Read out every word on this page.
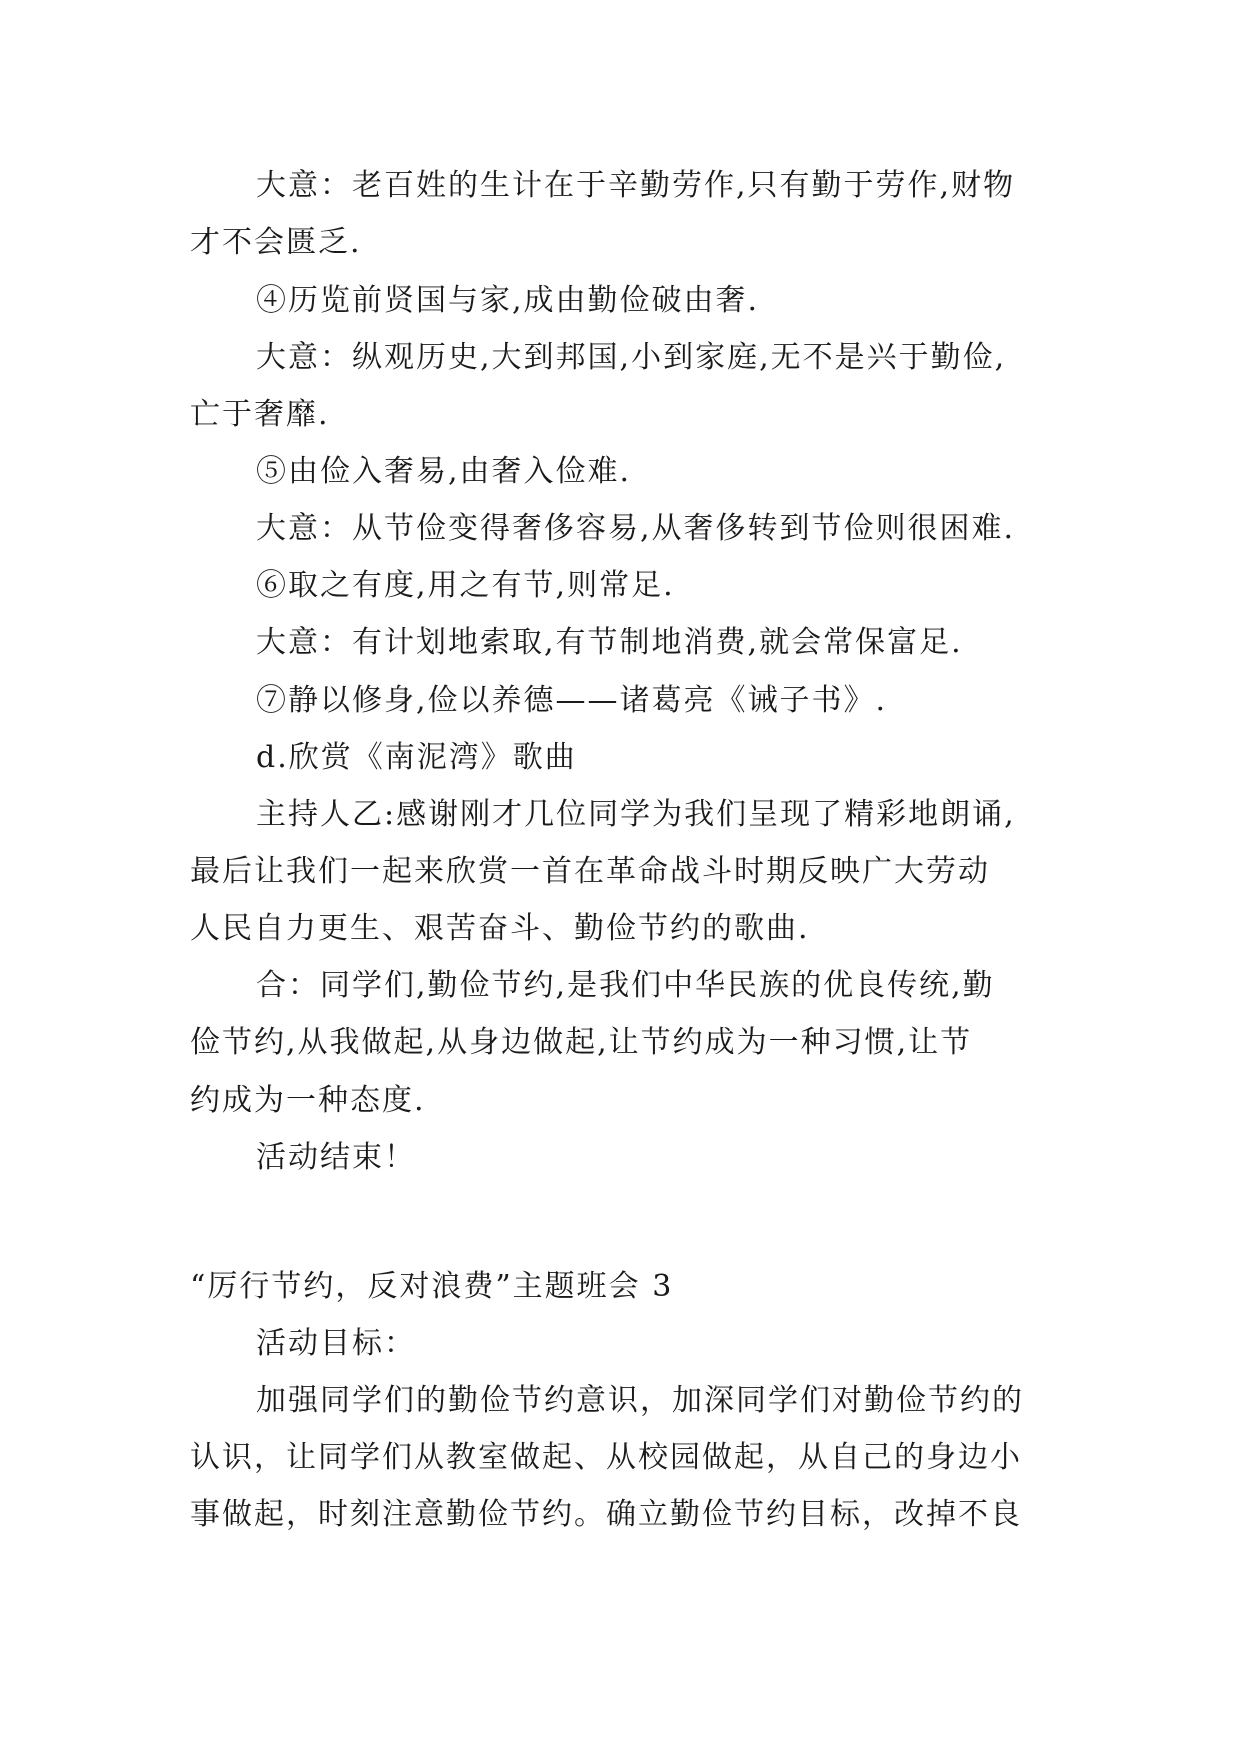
大意：老百姓的生计在于辛勤劳作,只有勤于劳作,财物
才不会匮乏.
④历览前贤国与家,成由勤俭破由奢.
大意：纵观历史,大到邦国,小到家庭,无不是兴于勤俭,
亡于奢靡.
⑤由俭入奢易,由奢入俭难.
大意：从节俭变得奢侈容易,从奢侈转到节俭则很困难.
⑥取之有度,用之有节,则常足.
大意：有计划地索取,有节制地消费,就会常保富足.
⑦静以修身,俭以养德——诸葛亮《诫子书》.
d.欣赏《南泥湾》歌曲
主持人乙:感谢刚才几位同学为我们呈现了精彩地朗诵,
最后让我们一起来欣赏一首在革命战斗时期反映广大劳动
人民自力更生、艰苦奋斗、勤俭节约的歌曲.
合：同学们,勤俭节约,是我们中华民族的优良传统,勤
俭节约,从我做起,从身边做起,让节约成为一种习惯,让节
约成为一种态度.
活动结束！
“厉行节约，反对浪费”主题班会 3
活动目标：
加强同学们的勤俭节约意识，加深同学们对勤俭节约的
认识，让同学们从教室做起、从校园做起，从自己的身边小
事做起，时刻注意勤俭节约。确立勤俭节约目标，改掉不良
